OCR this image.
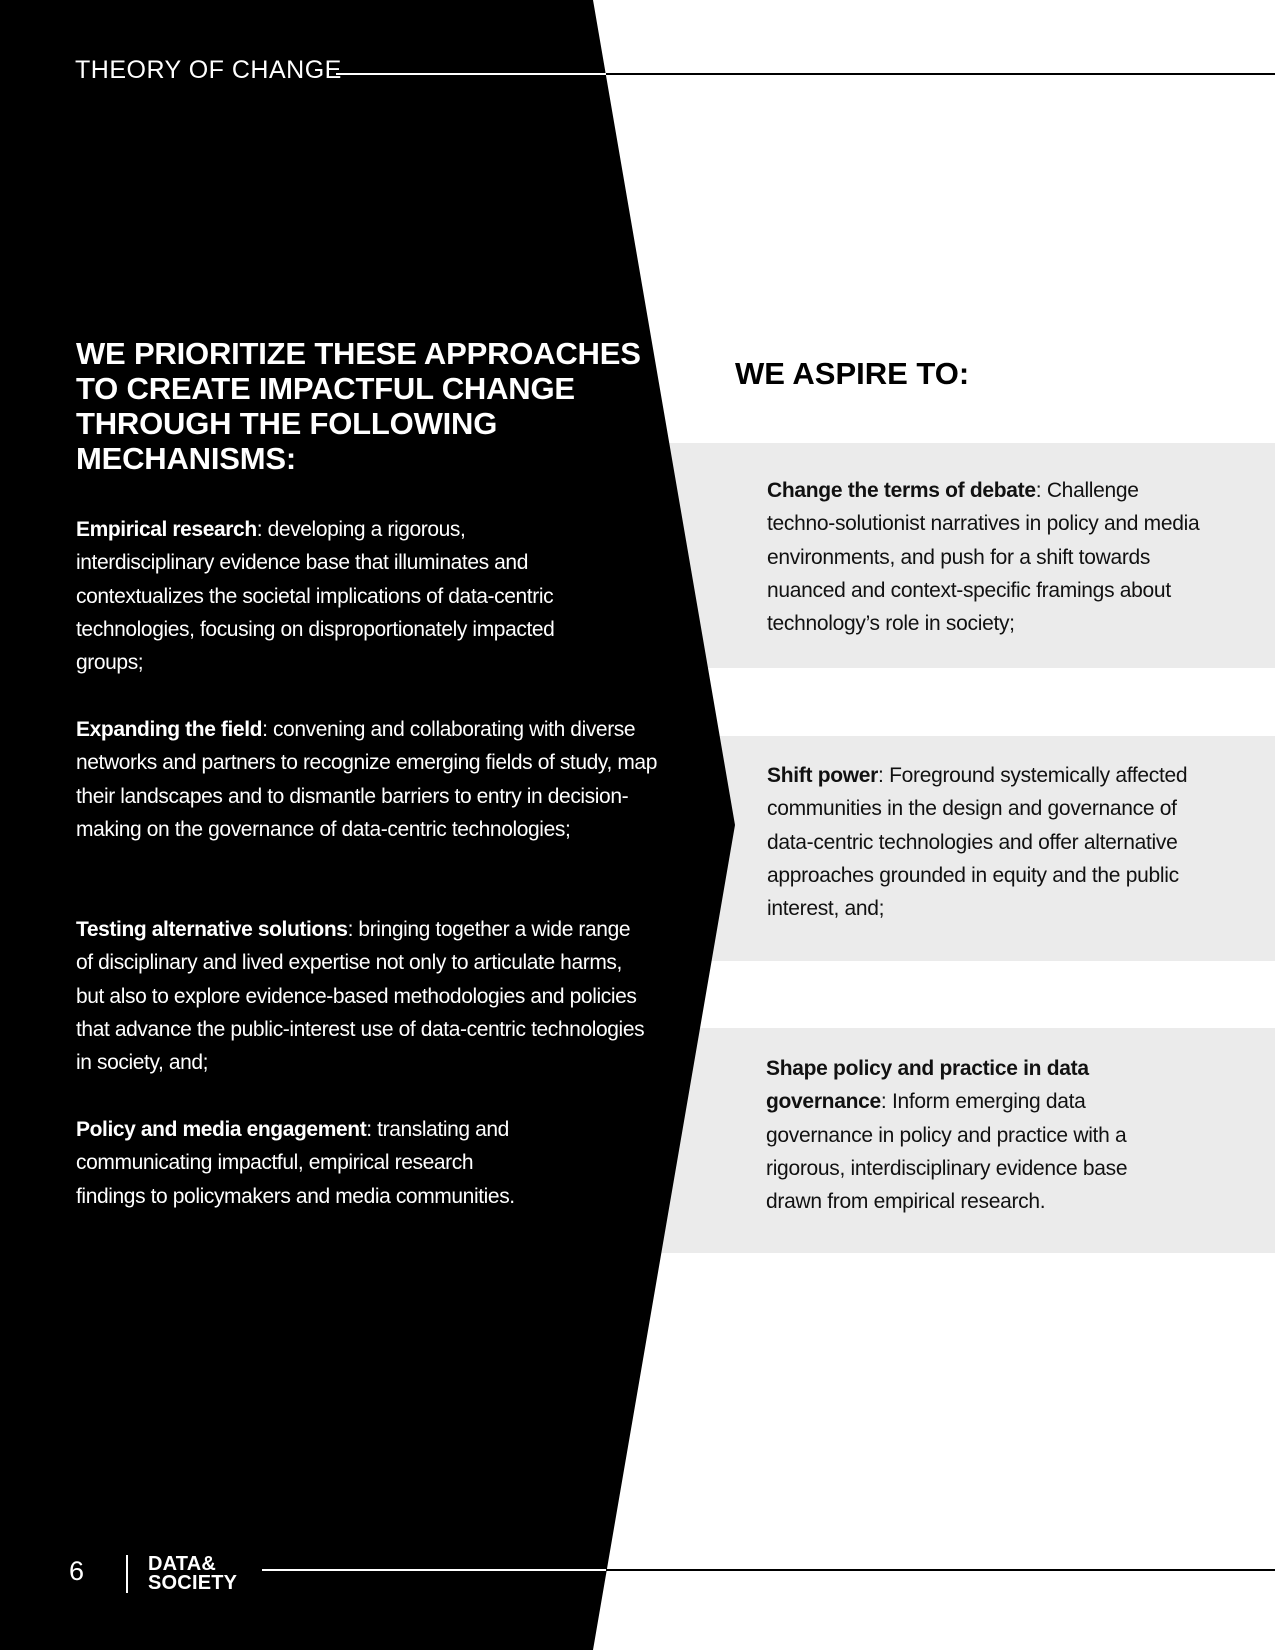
THEORY OF CHANGE
WE PRIORITIZE THESE APPROACHES TO CREATE IMPACTFUL CHANGE THROUGH THE FOLLOWING MECHANISMS:

Empirical research: developing a rigorous, interdisciplinary evidence base that illuminates and contextualizes the societal implications of data-centric technologies, focusing on disproportionately impacted groups;

Expanding the field: convening and collaborating with diverse networks and partners to recognize emerging fields of study, map their landscapes and to dismantle barriers to entry in decision-making on the governance of data-centric technologies;

Testing alternative solutions: bringing together a wide range of disciplinary and lived expertise not only to articulate harms, but also to explore evidence-based methodologies and policies that advance the public-interest use of data-centric technologies in society, and;

Policy and media engagement: translating and communicating impactful, empirical research findings to policymakers and media communities.

WE ASPIRE TO:

Change the terms of debate: Challenge techno-solutionist narratives in policy and media environments, and push for a shift towards nuanced and context-specific framings about technology’s role in society;

Shift power: Foreground systemically affected communities in the design and governance of data-centric technologies and offer alternative approaches grounded in equity and the public interest, and;

Shape policy and practice in data governance: Inform emerging data governance in policy and practice with a rigorous, interdisciplinary evidence base drawn from empirical research.

6	DATA&
SOCIETY
